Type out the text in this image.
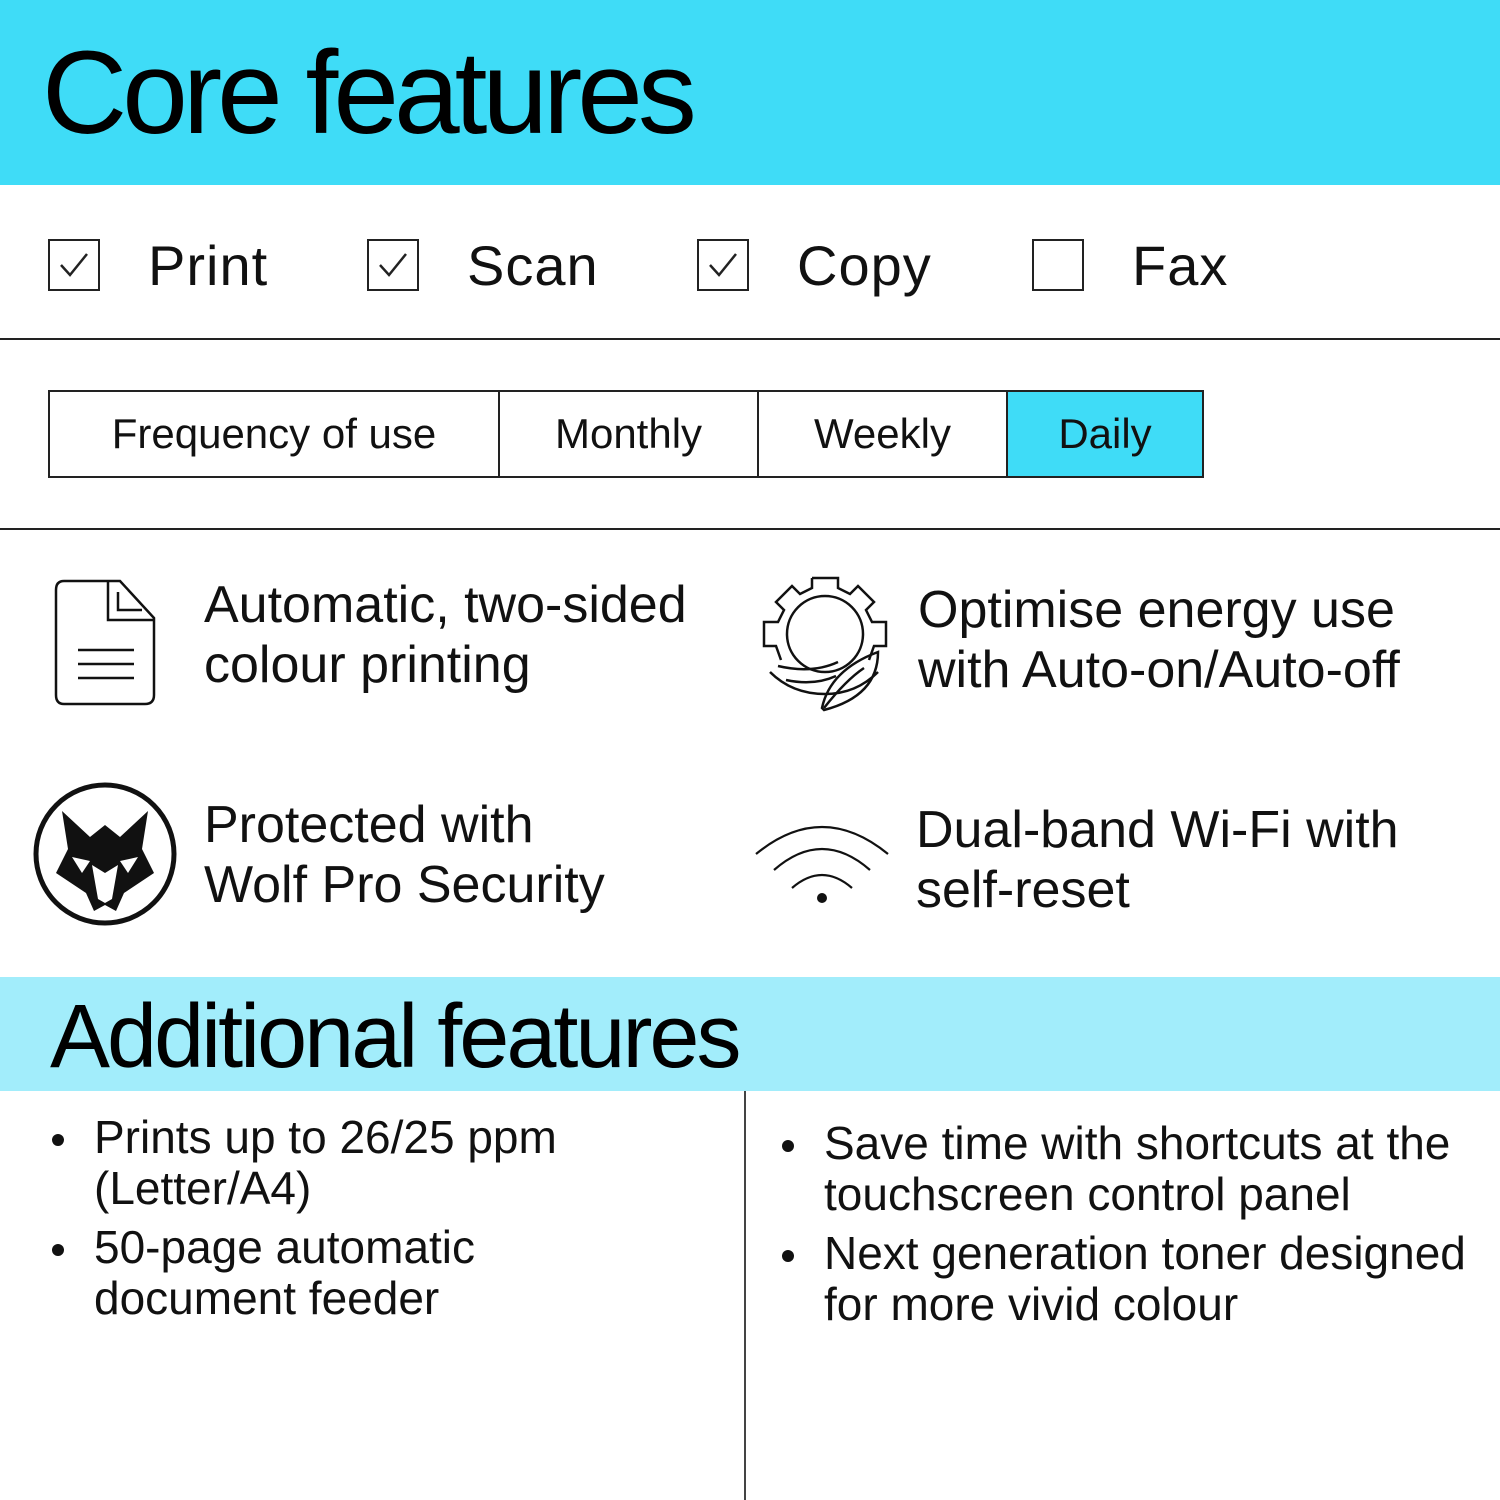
Core features
Print	Scan	Copy	Fax
Frequency of use	Monthly	Weekly	Daily
Automatic, two-sided
colour printing
Optimise energy use
with Auto-on/Auto-off
Protected with
Wolf Pro Security
Dual-band Wi-Fi with
self-reset
Additional features
Prints up to 26/25 ppm (Letter/A4)
50-page automatic document feeder
Save time with shortcuts at the touchscreen control panel
Next generation toner designed for more vivid colour
